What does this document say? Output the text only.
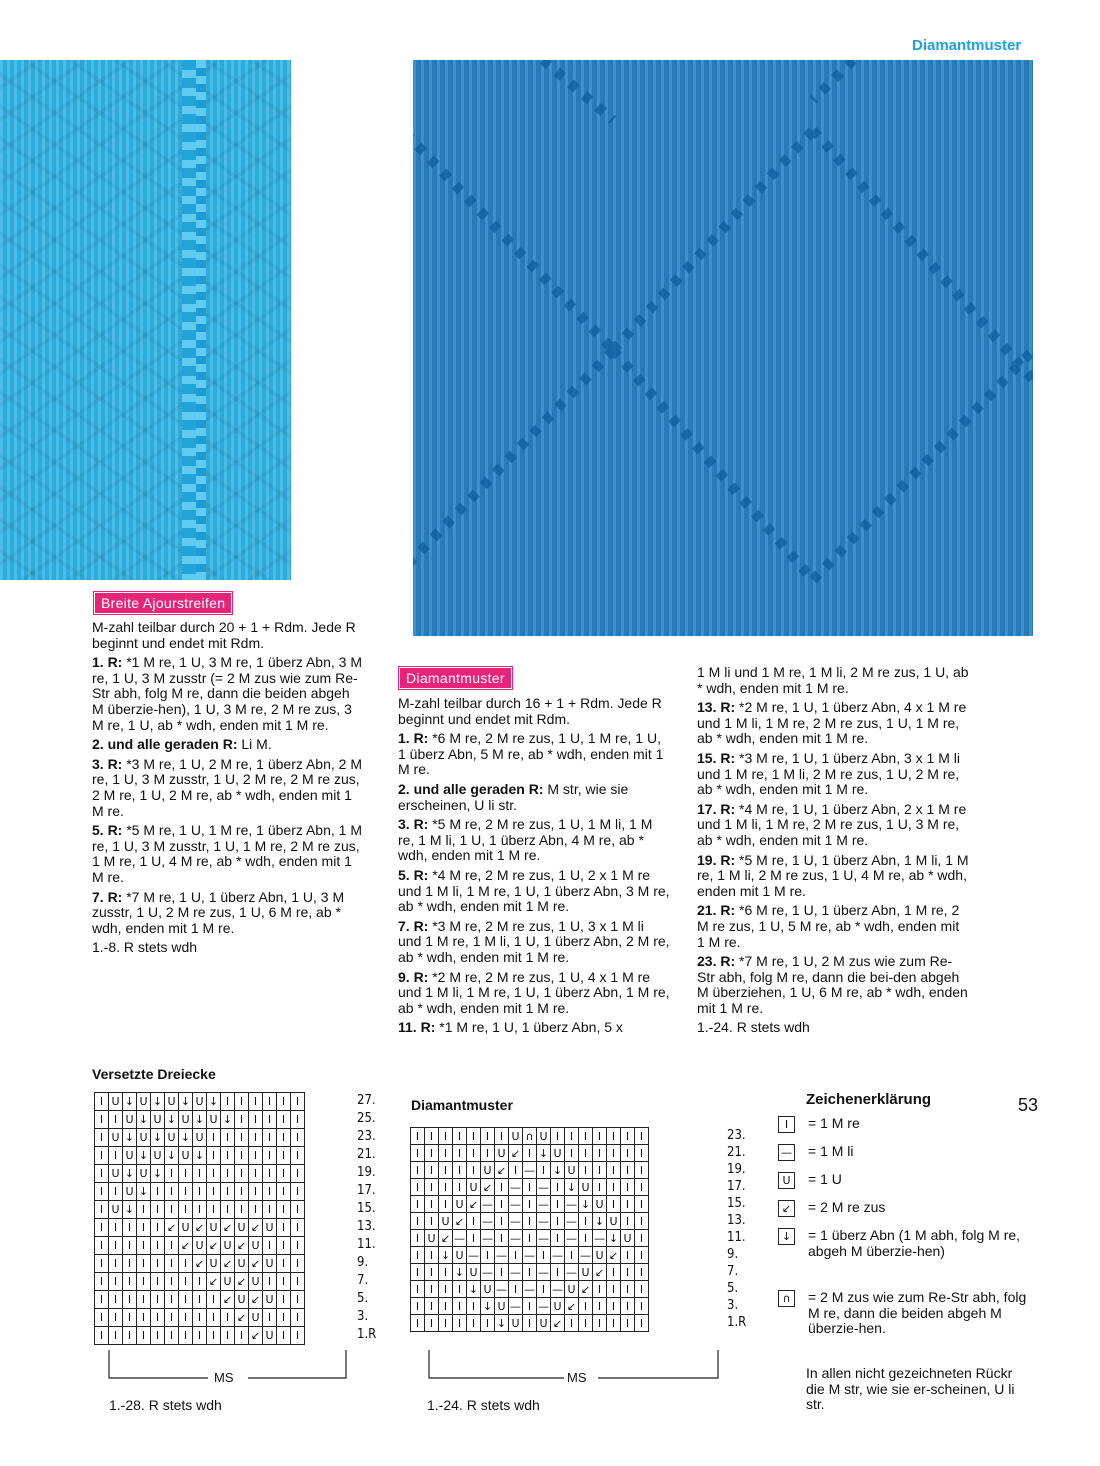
Diamantmuster
Breite Ajourstreifen

M-zahl teilbar durch 20 + 1 + Rdm. Jede R beginnt und endet mit Rdm.

1. R: *1 M re, 1 U, 3 M re, 1 überz Abn, 3 M re, 1 U, 3 M zusstr (= 2 M zus wie zum Re-Str abh, folg M re, dann die beiden abgeh M überzie-hen), 1 U, 3 M re, 2 M re zus, 3 M re, 1 U, ab * wdh, enden mit 1 M re.

2. und alle geraden R: Li M.

3. R: *3 M re, 1 U, 2 M re, 1 überz Abn, 2 M re, 1 U, 3 M zusstr, 1 U, 2 M re, 2 M re zus, 2 M re, 1 U, 2 M re, ab * wdh, enden mit 1 M re.

5. R: *5 M re, 1 U, 1 M re, 1 überz Abn, 1 M re, 1 U, 3 M zusstr, 1 U, 1 M re, 2 M re zus, 1 M re, 1 U, 4 M re, ab * wdh, enden mit 1 M re.

7. R: *7 M re, 1 U, 1 überz Abn, 1 U, 3 M zusstr, 1 U, 2 M re zus, 1 U, 6 M re, ab * wdh, enden mit 1 M re.

1.-8. R stets wdh

Diamantmuster

M-zahl teilbar durch 16 + 1 + Rdm. Jede R beginnt und endet mit Rdm.

1. R: *6 M re, 2 M re zus, 1 U, 1 M re, 1 U, 1 überz Abn, 5 M re, ab * wdh, enden mit 1 M re.

2. und alle geraden R: M str, wie sie erscheinen, U li str.

3. R: *5 M re, 2 M re zus, 1 U, 1 M li, 1 M re, 1 M li, 1 U, 1 überz Abn, 4 M re, ab * wdh, enden mit 1 M re.

5. R: *4 M re, 2 M re zus, 1 U, 2 x 1 M re und 1 M li, 1 M re, 1 U, 1 überz Abn, 3 M re, ab * wdh, enden mit 1 M re.

7. R: *3 M re, 2 M re zus, 1 U, 3 x 1 M li und 1 M re, 1 M li, 1 U, 1 überz Abn, 2 M re, ab * wdh, enden mit 1 M re.

9. R: *2 M re, 2 M re zus, 1 U, 4 x 1 M re und 1 M li, 1 M re, 1 U, 1 überz Abn, 1 M re, ab * wdh, enden mit 1 M re.

11. R: *1 M re, 1 U, 1 überz Abn, 5 x

1 M li und 1 M re, 1 M li, 2 M re zus, 1 U, ab * wdh, enden mit 1 M re.

13. R: *2 M re, 1 U, 1 überz Abn, 4 x 1 M re und 1 M li, 1 M re, 2 M re zus, 1 U, 1 M re, ab * wdh, enden mit 1 M re.

15. R: *3 M re, 1 U, 1 überz Abn, 3 x 1 M li und 1 M re, 1 M li, 2 M re zus, 1 U, 2 M re, ab * wdh, enden mit 1 M re.

17. R: *4 M re, 1 U, 1 überz Abn, 2 x 1 M re und 1 M li, 1 M re, 2 M re zus, 1 U, 3 M re, ab * wdh, enden mit 1 M re.

19. R: *5 M re, 1 U, 1 überz Abn, 1 M li, 1 M re, 1 M li, 2 M re zus, 1 U, 4 M re, ab * wdh, enden mit 1 M re.

21. R: *6 M re, 1 U, 1 überz Abn, 1 M re, 2 M re zus, 1 U, 5 M re, ab * wdh, enden mit 1 M re.

23. R: *7 M re, 1 U, 2 M zus wie zum Re-Str abh, folg M re, dann die bei-den abgeh M überziehen, 1 U, 6 M re, ab * wdh, enden mit 1 M re.

1.-24. R stets wdh

Versetzte Dreiecke
I	U	↓	U	↓	U	↓	U	↓	I	I	I	I	I	I
I	I	U	↓	U	↓	U	↓	U	↓	I	I	I	I	I
I	U	↓	U	↓	U	↓	U	I	I	I	I	I	I	I
I	I	U	↓	U	↓	U	↓	I	I	I	I	I	I	I
I	U	↓	U	↓	I	I	I	I	I	I	I	I	I	I
I	I	U	↓	I	I	I	I	I	I	I	I	I	I	I
I	U	↓	I	I	I	I	I	I	I	I	I	I	I	I
I	I	I	I	I	↙	U	↙	U	↙	U	↙	U	I	I
I	I	I	I	I	I	↙	U	↙	U	↙	U	I	I	I
I	I	I	I	I	I	I	↙	U	↙	U	↙	U	I	I
I	I	I	I	I	I	I	I	↙	U	↙	U	I	I	I
I	I	I	I	I	I	I	I	I	↙	U	↙	U	I	I
I	I	I	I	I	I	I	I	I	I	↙	U	I	I	I
I	I	I	I	I	I	I	I	I	I	I	↙	U	I	I
27.
25.
23.
21.
19.
17.
15.
13.
11.
9.
7.
5.
3.
1.R
MS
1.-28. R stets wdh
Diamantmuster
I	I	I	I	I	I	I	U	∩	U	I	I	I	I	I	I	I
I	I	I	I	I	I	U	↙	I	↓	U	I	I	I	I	I	I
I	I	I	I	I	U	↙	I	—	I	↓	U	I	I	I	I	I
I	I	I	I	U	↙	I	—	I	—	I	↓	U	I	I	I	I
I	I	I	U	↙	—	I	—	I	—	I	—	↓	U	I	I	I
I	I	U	↙	I	—	I	—	I	—	I	—	I	↓	U	I	I
I	U	↙	—	I	—	I	—	I	—	I	—	I	—	↓	U	I
I	I	↓	U	—	I	—	I	—	I	—	I	—	U	↙	I	I
I	I	I	↓	U	—	I	—	I	—	I	—	U	↙	I	I	I
I	I	I	I	↓	U	—	I	—	I	—	U	↙	I	I	I	I
I	I	I	I	I	↓	U	—	I	—	U	↙	I	I	I	I	I
I	I	I	I	I	I	↓	U	I	U	↙	I	I	I	I	I	I
23.
21.
19.
17.
15.
13.
11.
9.
7.
5.
3.
1.R
MS
1.-24. R stets wdh
Zeichenerklärung
I	= 1 M re
— = 1 M li
U	= 1 U
↙ = 2 M re zus
↓ = 1 überz Abn (1 M abh, folg M re, abgeh M überzie-hen)
∩	= 2 M zus wie zum Re-Str abh, folg M re, dann die beiden abgeh M überzie-hen.
In allen nicht gezeichneten Rückr die M str, wie sie er-scheinen, U li str.
53
